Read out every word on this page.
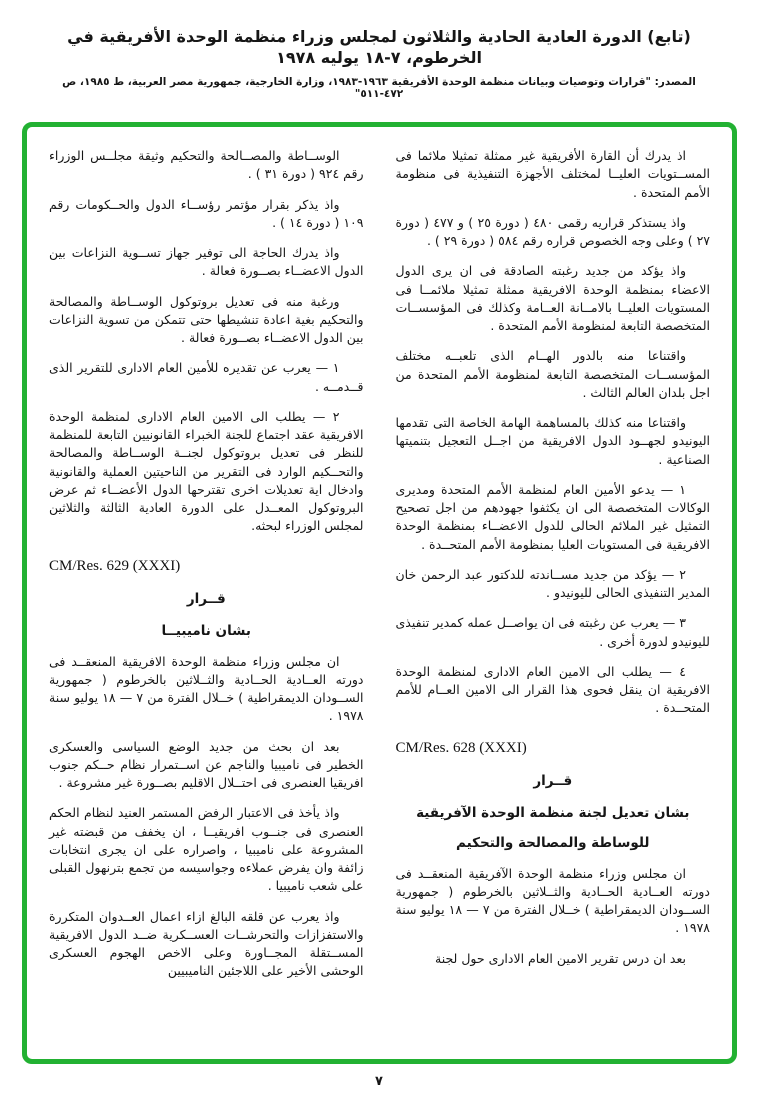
(تابع) الدورة العادية الحادية والثلاثون لمجلس وزراء منظمة الوحدة الأفريقية في الخرطوم، ٧-١٨ يوليه ١٩٧٨
المصدر: "قرارات وتوصيات وبيانات منظمة الوحدة الأفريقية ١٩٦٣-١٩٨٣، وزارة الخارجية، جمهورية مصر العربية، ط ١٩٨٥، ص ٤٧٢-٥١١"

اذ يدرك أن القارة الأفريقية غير ممثلة تمثيلا ملائما فى المســتويات العليــا لمختلف الأجهزة التنفيذية فى منظومة الأمم المتحدة .

واذ يستذكر قراريه رقمى ٤٨٠ ( دورة ٢٥ ) و ٤٧٧ ( دورة ٢٧ ) وعلى وجه الخصوص قراره رقم ٥٨٤ ( دورة ٢٩ ) .

واذ يؤكد من جديد رغبته الصادقة فى ان يرى الدول الاعضاء بمنظمة الوحدة الافريقية ممثلة تمثيلا ملائمــا فى المستويات العليــا بالامــانة العــامة وكذلك فى المؤسســات المتخصصة التابعة لمنظومة الأمم المتحدة .

واقتناعا منه بالدور الهــام الذى تلعبــه مختلف المؤسســات المتخصصة التابعة لمنظومة الأمم المتحدة من اجل بلدان العالم الثالث .

واقتناعا منه كذلك بالمساهمة الهامة الخاصة التى تقدمها اليونيدو لجهــود الدول الافريقية من اجــل التعجيل بتنميتها الصناعية .

١ — يدعو الأمين العام لمنظمة الأمم المتحدة ومديرى الوكالات المتخصصة الى ان يكثفوا جهودهم من اجل تصحيح التمثيل غير الملائم الحالى للدول الاعضــاء بمنظمة الوحدة الافريقية فى المستويات العليا بمنظومة الأمم المتحــدة .

٢ — يؤكد من جديد مســاندته للدكتور عبد الرحمن خان المدير التنفيذى الحالى لليونيدو .

٣ — يعرب عن رغبته فى ان يواصــل عمله كمدير تنفيذى لليونيدو لدورة أخرى .

٤ — يطلب الى الامين العام الادارى لمنظمة الوحدة الافريقية ان ينقل فحوى هذا القرار الى الامين العــام للأمم المتحــدة .

CM/Res. 628 (XXXI)

قــرار

بشان تعديل لجنة منظمة الوحدة الآفريقية

للوساطة والمصالحة والتحكيم

ان مجلس وزراء منظمة الوحدة الآفريقية المنعقــد فى دورته العــادية الحــادية والثــلاثين بالخرطوم ( جمهورية الســودان الديمقراطية ) خــلال الفترة من ٧ — ١٨ يوليو سنة ١٩٧٨ .

بعد ان درس تقرير الامين العام الادارى حول لجنة

الوســاطة والمصــالحة والتحكيم وثيقة مجلــس الوزراء رقم ٩٢٤ ( دورة ٣١ ) .

واذ يذكر بقرار مؤتمر رؤســاء الدول والحــكومات رقم ١٠٩ ( دورة ١٤ ) .

واذ يدرك الحاجة الى توفير جهاز تســوية النزاعات بين الدول الاعضــاء بصــورة فعالة .

ورغبة منه فى تعديل بروتوكول الوســاطة والمصالحة والتحكيم بغية اعادة تنشيطها حتى تتمكن من تسوية النزاعات بين الدول الاعضــاء بصــورة فعالة .

١ — يعرب عن تقديره للأمين العام الادارى للتقرير الذى قــدمــه .

٢ — يطلب الى الامين العام الادارى لمنظمة الوحدة الافريقية عقد اجتماع للجنة الخبراء القانونيين التابعة للمنظمة للنظر فى تعديل بروتوكول لجنــة الوســاطة والمصالحة والتحــكيم الوارد فى التقرير من الناحيتين العملية والقانونية وادخال اية تعديلات اخرى تقترحها الدول الأعضــاء ثم عرض البروتوكول المعــدل على الدورة العادية الثالثة والثلاثين لمجلس الوزراء لبحثه.

CM/Res. 629 (XXXI)

قــرار

بشان ناميبيــا

ان مجلس وزراء منظمة الوحدة الافريقية المنعقــد فى دورته العــادية الحــادية والثــلاثين بالخرطوم ( جمهورية الســودان الديمقراطية ) خــلال الفترة من ٧ — ١٨ يوليو سنة ١٩٧٨ .

بعد ان بحث من جديد الوضع السياسى والعسكرى الخطير فى ناميبيا والناجم عن اســتمرار نظام حــكم جنوب افريقيا العنصرى فى احتــلال الاقليم بصــورة غير مشروعة .

واذ يأخذ فى الاعتبار الرفض المستمر العنيد لنظام الحكم العنصرى فى جنــوب افريقيــا ، ان يخفف من قبضته غير المشروعة على ناميبيا ، واصراره على ان يجرى انتخابات زائفة وان يفرض عملاءه وجواسيسه من تجمع بترنهول القبلى على شعب ناميبيا .

واذ يعرب عن قلقه البالغ ازاء اعمال العــدوان المتكررة والاستفزازات والتحرشــات العســكرية ضــد الدول الافريقية المســتقلة المجــاورة وعلى الاخص الهجوم العسكرى الوحشى الأخير على اللاجئين الناميبيين

٧
